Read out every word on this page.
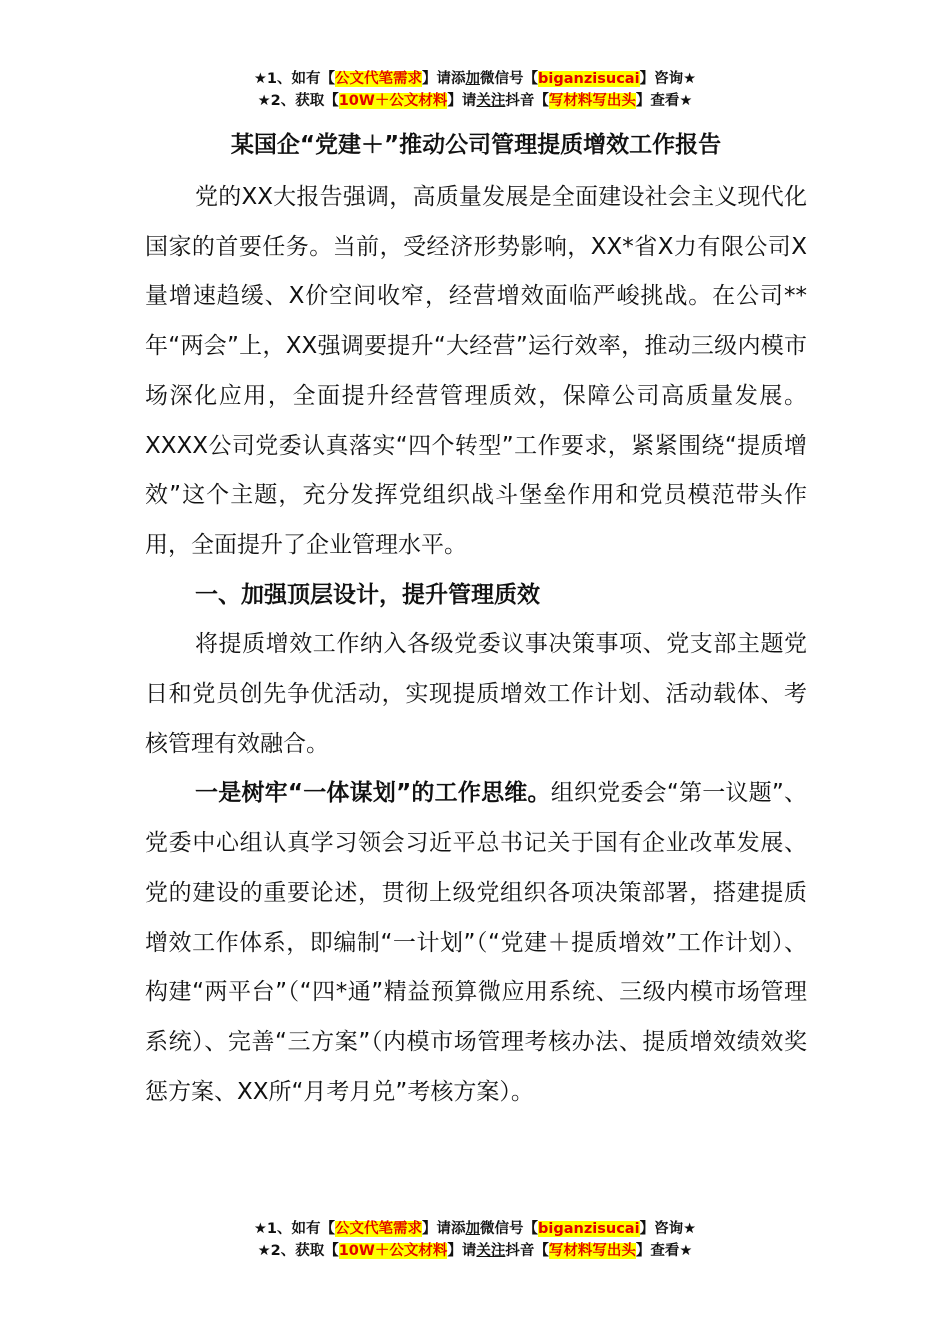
★1、如有【公文代笔需求】请添加微信号【biganzisucai】咨询★
★2、获取【10W＋公文材料】请关注抖音【写材料写出头】查看★
某国企“党建＋”推动公司管理提质增效工作报告

党的XX大报告强调，高质量发展是全面建设社会主义现代化国家的首要任务。当前，受经济形势影响，XX*省X力有限公司X量增速趋缓、X价空间收窄，经营增效面临严峻挑战。在公司**年“两会”上，XX强调要提升“大经营”运行效率，推动三级内模市场深化应用，全面提升经营管理质效，保障公司高质量发展。XXXX公司党委认真落实“四个转型”工作要求，紧紧围绕“提质增效”这个主题，充分发挥党组织战斗堡垒作用和党员模范带头作用，全面提升了企业管理水平。

一、加强顶层设计，提升管理质效

将提质增效工作纳入各级党委议事决策事项、党支部主题党日和党员创先争优活动，实现提质增效工作计划、活动载体、考核管理有效融合。

一是树牢“一体谋划”的工作思维。组织党委会“第一议题”、党委中心组认真学习领会习近平总书记关于国有企业改革发展、党的建设的重要论述，贯彻上级党组织各项决策部署，搭建提质增效工作体系，即编制“一计划”（“党建＋提质增效”工作计划）、构建“两平台”（“四*通”精益预算微应用系统、三级内模市场管理系统）、完善“三方案”（内模市场管理考核办法、提质增效绩效奖惩方案、XX所“月考月兑”考核方案）。

★1、如有【公文代笔需求】请添加微信号【biganzisucai】咨询★
★2、获取【10W＋公文材料】请关注抖音【写材料写出头】查看★
